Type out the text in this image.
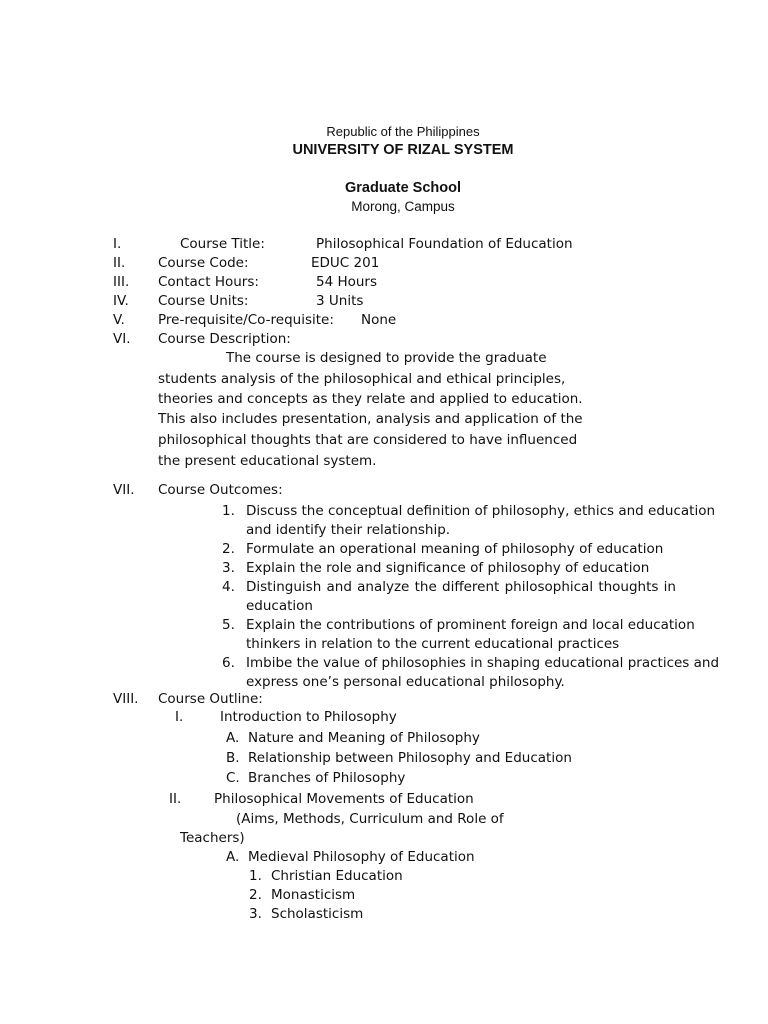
Republic of the Philippines
UNIVERSITY OF RIZAL SYSTEM
Graduate School
Morong, Campus
I.	Course Title:	Philosophical Foundation of Education
II. Course Code:	EDUC 201
III. Contact Hours:	54 Hours
IV. Course Units:	3 Units
V. Pre-requisite/Co-requisite: None
VI. Course Description:
The course is designed to provide the graduate
students analysis of the philosophical and ethical principles,
theories and concepts as they relate and applied to education.
This also includes presentation, analysis and application of the
philosophical thoughts that are considered to have influenced
the present educational system.
VII. Course Outcomes:
1. Discuss the conceptual definition of philosophy, ethics and education
and identify their relationship.
2. Formulate an operational meaning of philosophy of education
3. Explain the role and significance of philosophy of education
4. Distinguish and analyze the different philosophical thoughts in
education
5. Explain the contributions of prominent foreign and local education
thinkers in relation to the current educational practices
6. Imbibe the value of philosophies in shaping educational practices and
express one’s personal educational philosophy.
VIII. Course Outline:
I.	Introduction to Philosophy
A. Nature and Meaning of Philosophy
B. Relationship between Philosophy and Education
C. Branches of Philosophy
II. Philosophical Movements of Education
(Aims, Methods, Curriculum and Role of
Teachers)
A. Medieval Philosophy of Education
1. Christian Education
2. Monasticism
3. Scholasticism
